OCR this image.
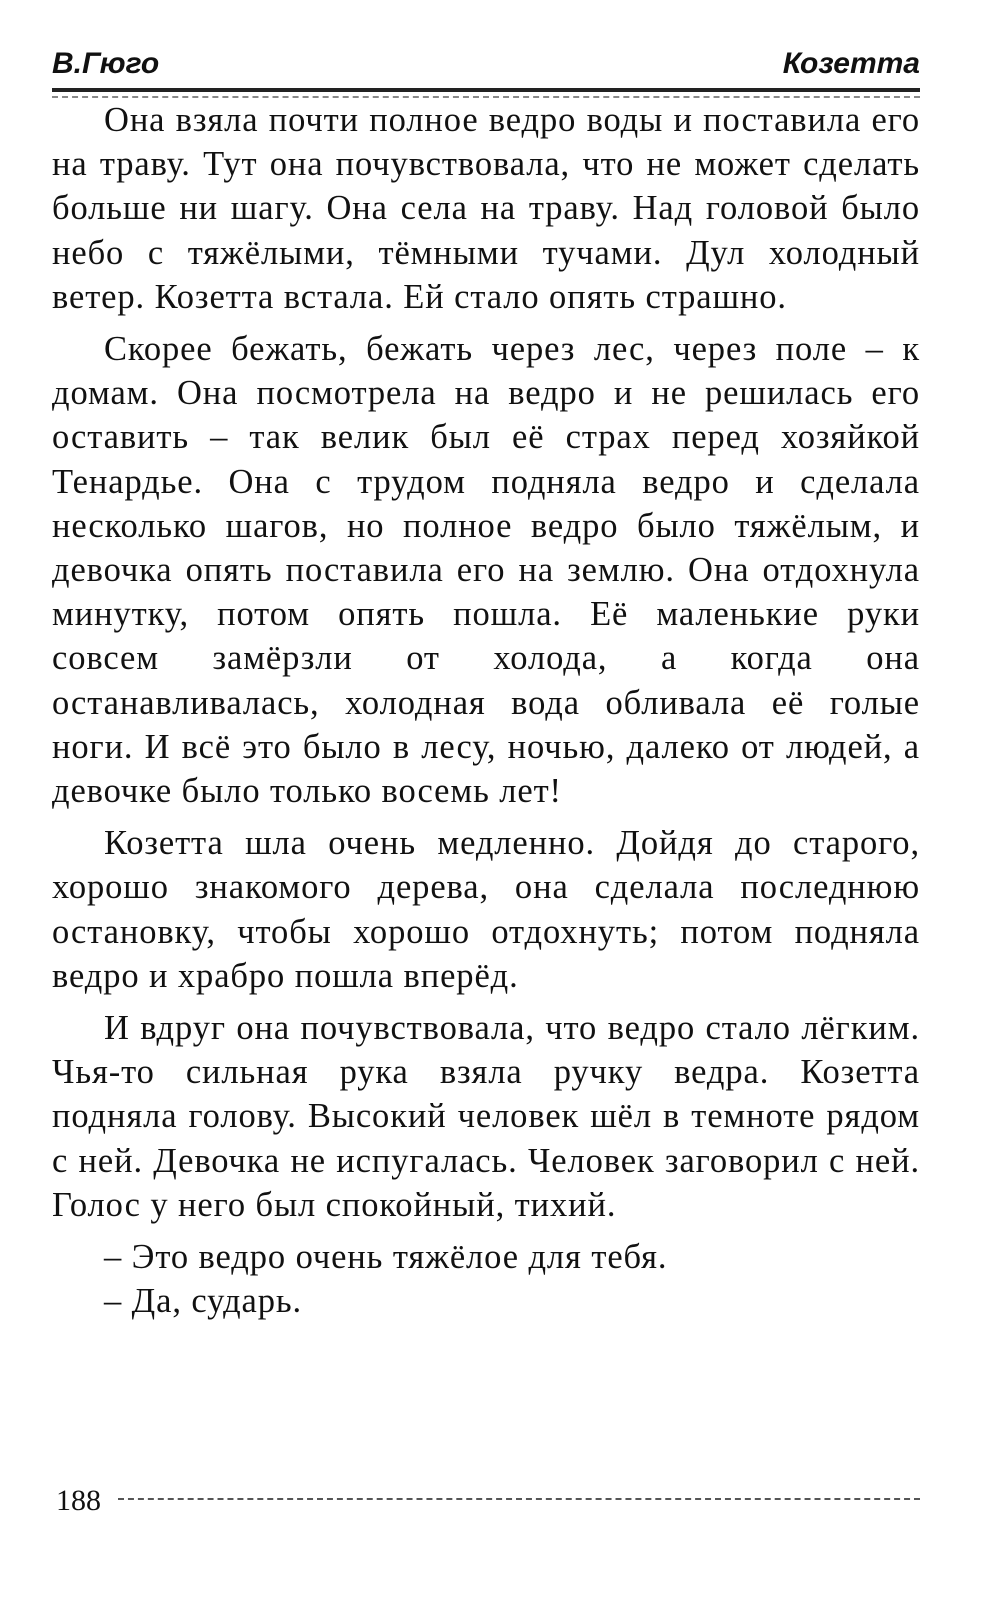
В.Гюго	Козетта

Она взяла почти полное ведро воды и поставила его на траву. Тут она почувствовала, что не может сделать больше ни шагу. Она села на траву. Над головой было небо с тяжёлыми, тёмными тучами. Дул холодный ветер. Козетта встала. Ей стало опять страшно.

Скорее бежать, бежать через лес, через поле – к домам. Она посмотрела на ведро и не решилась его оставить – так велик был её страх перед хозяйкой Тенардье. Она с трудом подняла ведро и сделала несколько шагов, но полное ведро было тяжёлым, и девочка опять поставила его на землю. Она отдохнула минутку, потом опять пошла. Её маленькие руки совсем замёрзли от холода, а когда она останавливалась, холодная вода обливала её голые ноги. И всё это было в лесу, ночью, далеко от людей, а девочке было только восемь лет!

Козетта шла очень медленно. Дойдя до старого, хорошо знакомого дерева, она сделала последнюю остановку, чтобы хорошо отдохнуть; потом подняла ведро и храбро пошла вперёд.

И вдруг она почувствовала, что ведро стало лёгким. Чья-то сильная рука взяла ручку ведра. Козетта подняла голову. Высокий человек шёл в темноте рядом с ней. Девочка не испугалась. Человек заговорил с ней. Голос у него был спокойный, тихий.

– Это ведро очень тяжёлое для тебя.

– Да, сударь.

188
